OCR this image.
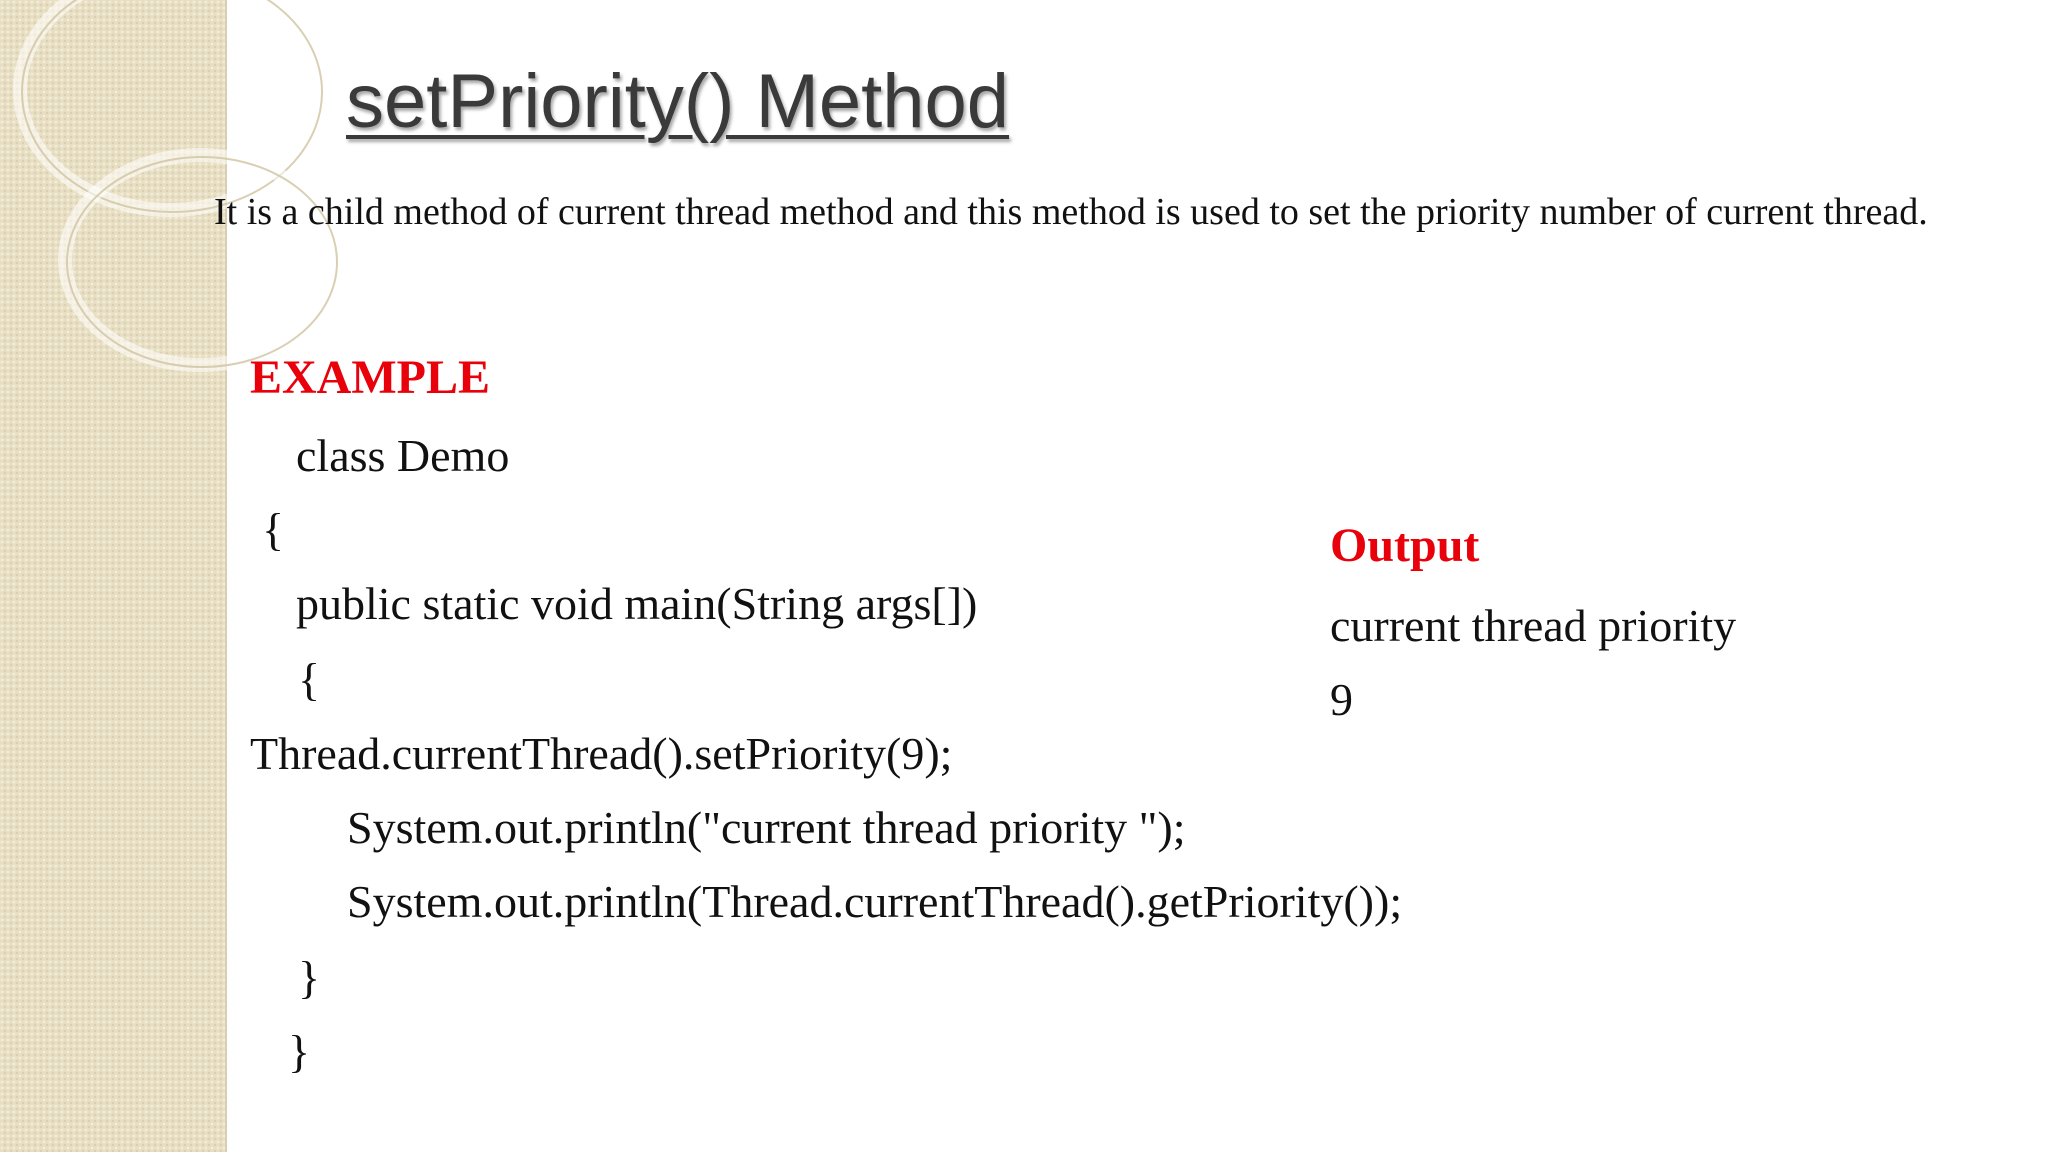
setPriority() Method

It is a child method of current thread method and this method is used to set the priority number of current thread.

EXAMPLE
class Demo
{
public static void main(String args[])
{
Thread.currentThread().setPriority(9);
System.out.println("current thread priority ");
System.out.println(Thread.currentThread().getPriority());
}
}
Output
current thread priority
9
